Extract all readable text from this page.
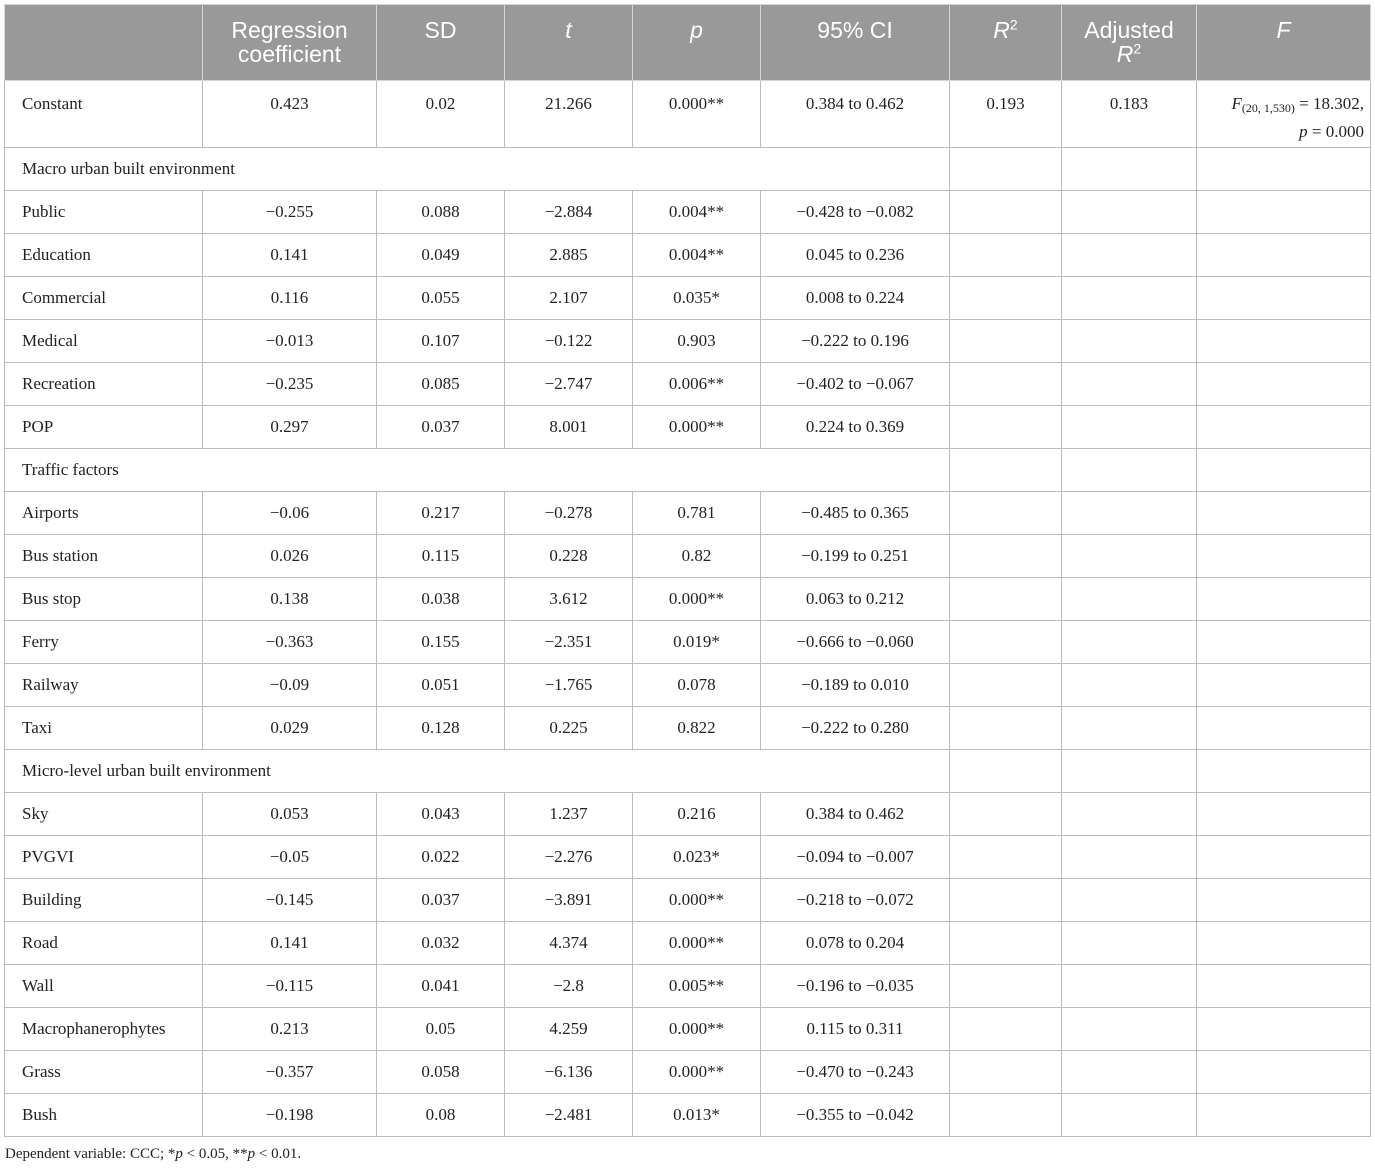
	Regression coefficient	SD	t	p	95% CI	$R^2$	Adjusted
$R^2$	F

Constant	0.423	0.02	21.266	0.000**	0.384 to 0.462	0.193	0.183	F(20, 1,530) = 18.302,
p = 0.000
Macro urban built environment								
Public	−0.255	0.088	−2.884	0.004**	−0.428 to −0.082			
Education	0.141	0.049	2.885	0.004**	0.045 to 0.236			
Commercial	0.116	0.055	2.107	0.035*	0.008 to 0.224			
Medical	−0.013	0.107	−0.122	0.903	−0.222 to 0.196			
Recreation	−0.235	0.085	−2.747	0.006**	−0.402 to −0.067			
POP	0.297	0.037	8.001	0.000**	0.224 to 0.369			
Traffic factors								
Airports	−0.06	0.217	−0.278	0.781	−0.485 to 0.365			
Bus station	0.026	0.115	0.228	0.82	−0.199 to 0.251			
Bus stop	0.138	0.038	3.612	0.000**	0.063 to 0.212			
Ferry	−0.363	0.155	−2.351	0.019*	−0.666 to −0.060			
Railway	−0.09	0.051	−1.765	0.078	−0.189 to 0.010			
Taxi	0.029	0.128	0.225	0.822	−0.222 to 0.280			
Micro-level urban built environment								
Sky	0.053	0.043	1.237	0.216	0.384 to 0.462			
PVGVI	−0.05	0.022	−2.276	0.023*	−0.094 to −0.007			
Building	−0.145	0.037	−3.891	0.000**	−0.218 to −0.072			
Road	0.141	0.032	4.374	0.000**	0.078 to 0.204			
Wall	−0.115	0.041	−2.8	0.005**	−0.196 to −0.035			
Macrophanerophytes	0.213	0.05	4.259	0.000**	0.115 to 0.311			
Grass	−0.357	0.058	−6.136	0.000**	−0.470 to −0.243			
Bush	−0.198	0.08	−2.481	0.013*	−0.355 to −0.042			
Dependent variable: CCC; *p < 0.05, **p < 0.01.
